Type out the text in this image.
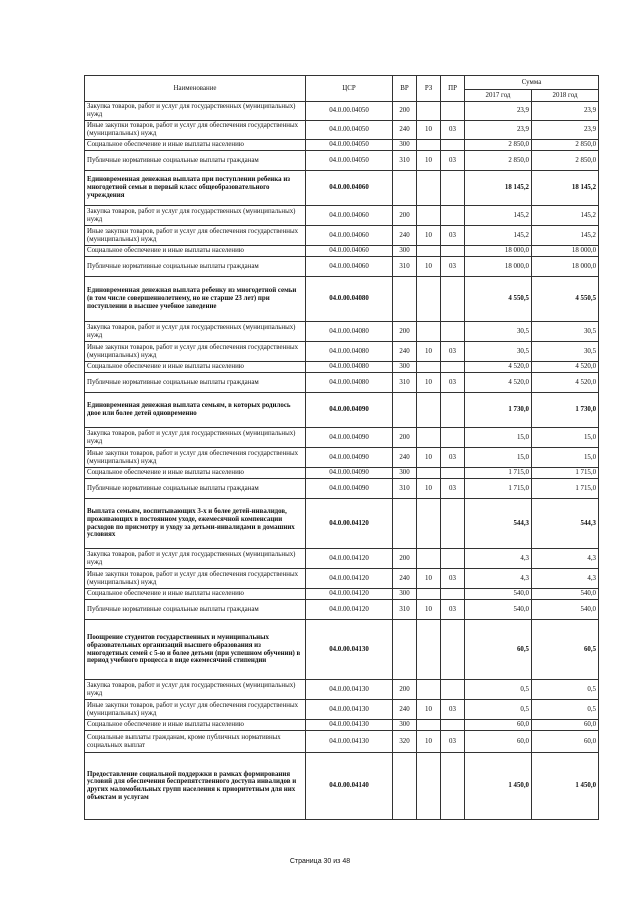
Наименование	ЦСР	ВР	РЗ	ПР	Сумма	
					2017 год	2018 год
Закупка товаров, работ и услуг для государственных (муниципальных) нужд	04.0.00.04050	200			23,9	23,9
Иные закупки товаров, работ и услуг для обеспечения государственных (муниципальных) нужд	04.0.00.04050	240	10	03	23,9	23,9
Социальное обеспечение и иные выплаты населению	04.0.00.04050	300			2 850,0	2 850,0
Публичные нормативные социальные выплаты гражданам	04.0.00.04050	310	10	03	2 850,0	2 850,0
Единовременная денежная выплата при поступлении ребенка из многодетной семьи в первый класс общеобразовательного учреждения	04.0.00.04060				18 145,2	18 145,2
Закупка товаров, работ и услуг для государственных (муниципальных) нужд	04.0.00.04060	200			145,2	145,2
Иные закупки товаров, работ и услуг для обеспечения государственных (муниципальных) нужд	04.0.00.04060	240	10	03	145,2	145,2
Социальное обеспечение и иные выплаты населению	04.0.00.04060	300			18 000,0	18 000,0
Публичные нормативные социальные выплаты гражданам	04.0.00.04060	310	10	03	18 000,0	18 000,0
Единовременная денежная выплата ребенку из многодетной семьи (в том числе совершеннолетнему, но не старше 23 лет) при поступлении в высшее учебное заведение	04.0.00.04080				4 550,5	4 550,5
Закупка товаров, работ и услуг для государственных (муниципальных) нужд	04.0.00.04080	200			30,5	30,5
Иные закупки товаров, работ и услуг для обеспечения государственных (муниципальных) нужд	04.0.00.04080	240	10	03	30,5	30,5
Социальное обеспечение и иные выплаты населению	04.0.00.04080	300			4 520,0	4 520,0
Публичные нормативные социальные выплаты гражданам	04.0.00.04080	310	10	03	4 520,0	4 520,0
Единовременная денежная выплата семьям, в которых родилось двое или более детей одновременно	04.0.00.04090				1 730,0	1 730,0
Закупка товаров, работ и услуг для государственных (муниципальных) нужд	04.0.00.04090	200			15,0	15,0
Иные закупки товаров, работ и услуг для обеспечения государственных (муниципальных) нужд	04.0.00.04090	240	10	03	15,0	15,0
Социальное обеспечение и иные выплаты населению	04.0.00.04090	300			1 715,0	1 715,0
Публичные нормативные социальные выплаты гражданам	04.0.00.04090	310	10	03	1 715,0	1 715,0
Выплата семьям, воспитывающих 3-х и более детей-инвалидов, проживающих в постоянном уходе, ежемесячной компенсации расходов по присмотру и уходу за детьми-инвалидами в домашних условиях	04.0.00.04120				544,3	544,3
Закупка товаров, работ и услуг для государственных (муниципальных) нужд	04.0.00.04120	200			4,3	4,3
Иные закупки товаров, работ и услуг для обеспечения государственных (муниципальных) нужд	04.0.00.04120	240	10	03	4,3	4,3
Социальное обеспечение и иные выплаты населению	04.0.00.04120	300			540,0	540,0
Публичные нормативные социальные выплаты гражданам	04.0.00.04120	310	10	03	540,0	540,0
Поощрение студентов государственных и муниципальных образовательных организаций высшего образования из многодетных семей с 5-ю и более детьми (при успешном обучении) в период учебного процесса в виде ежемесячной стипендии	04.0.00.04130				60,5	60,5
Закупка товаров, работ и услуг для государственных (муниципальных) нужд	04.0.00.04130	200			0,5	0,5
Иные закупки товаров, работ и услуг для обеспечения государственных (муниципальных) нужд	04.0.00.04130	240	10	03	0,5	0,5
Социальное обеспечение и иные выплаты населению	04.0.00.04130	300			60,0	60,0
Социальные выплаты гражданам, кроме публичных нормативных социальных выплат	04.0.00.04130	320	10	03	60,0	60,0
Предоставление социальной поддержки в рамках формирования условий для обеспечения беспрепятственного доступа инвалидов и других маломобильных групп населения к приоритетным для них объектам и услугам	04.0.00.04140				1 450,0	1 450,0
Страница 30 из 48
